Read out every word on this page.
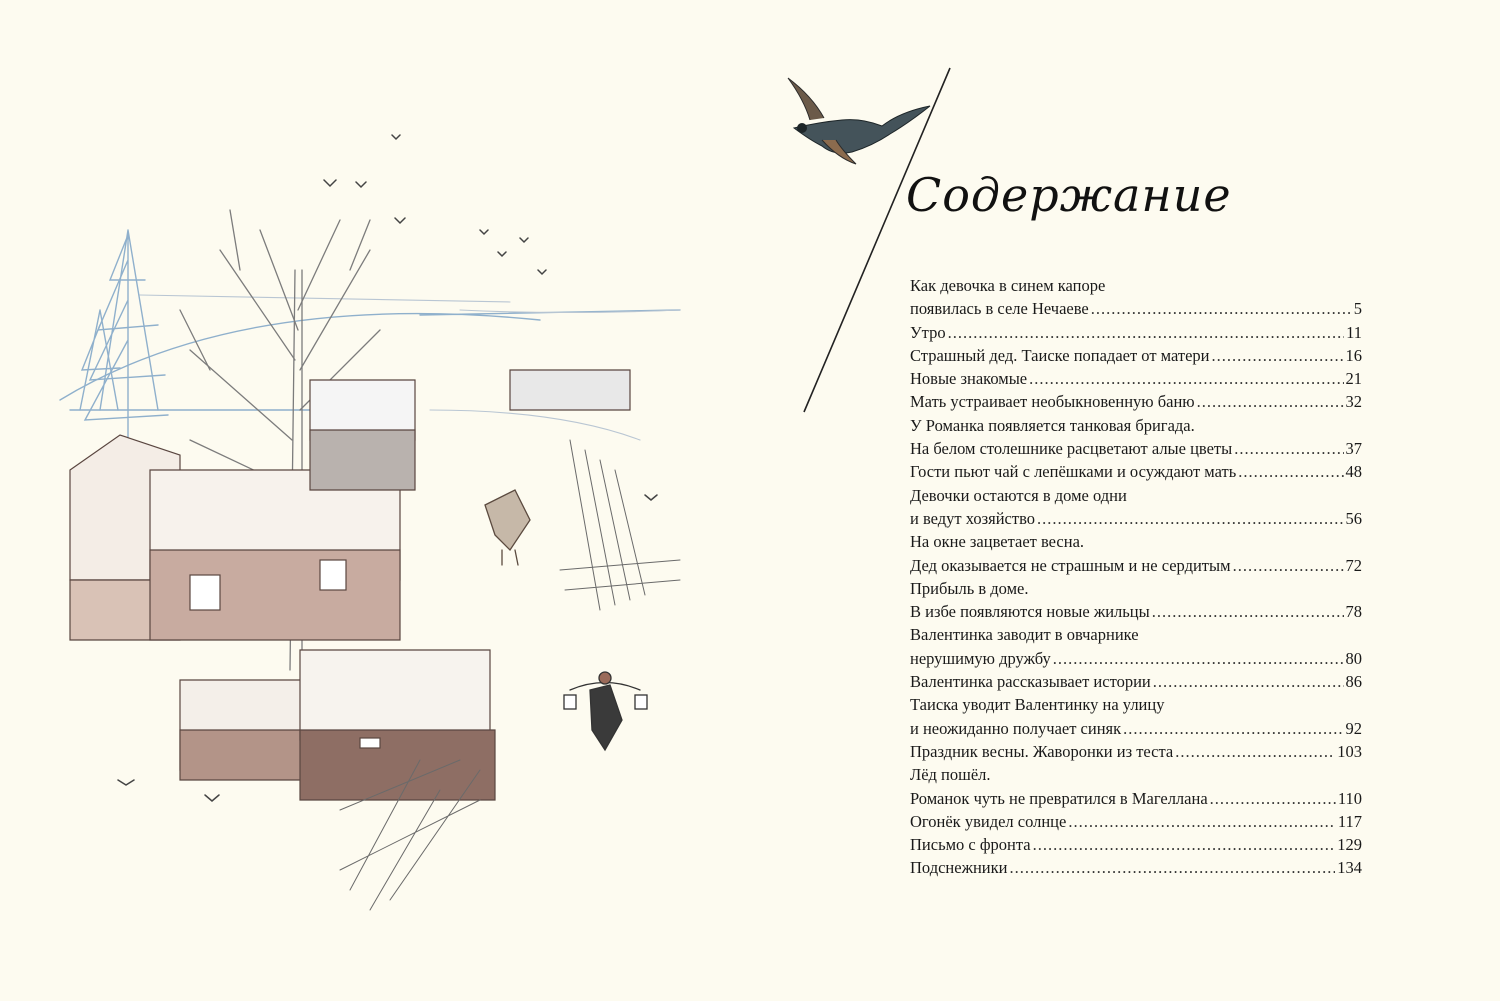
Содержание
Как девочка в синем капоре
появилась в селе Нечаеве .....	5
Утро .....	11
Страшный дед. Таиске попадает от матери .....	16
Новые знакомые .....	21
Мать устраивает необыкновенную баню .....	32
У Романка появляется танковая бригада.
На белом столешнике расцветают алые цветы .....	37
Гости пьют чай с лепёшками и осуждают мать .....	48
Девочки остаются в доме одни
и ведут хозяйство .....	56
На окне зацветает весна.
Дед оказывается не страшным и не сердитым .....	72
Прибыль в доме.
В избе появляются новые жильцы .....	78
Валентинка заводит в овчарнике
нерушимую дружбу .....	80
Валентинка рассказывает истории .....	86
Таиска уводит Валентинку на улицу
и неожиданно получает синяк .....	92
Праздник весны. Жаворонки из теста .....	103
Лёд пошёл.
Романок чуть не превратился в Магеллана .....	110
Огонёк увидел солнце .....	117
Письмо с фронта .....	129
Подснежники .....	134
